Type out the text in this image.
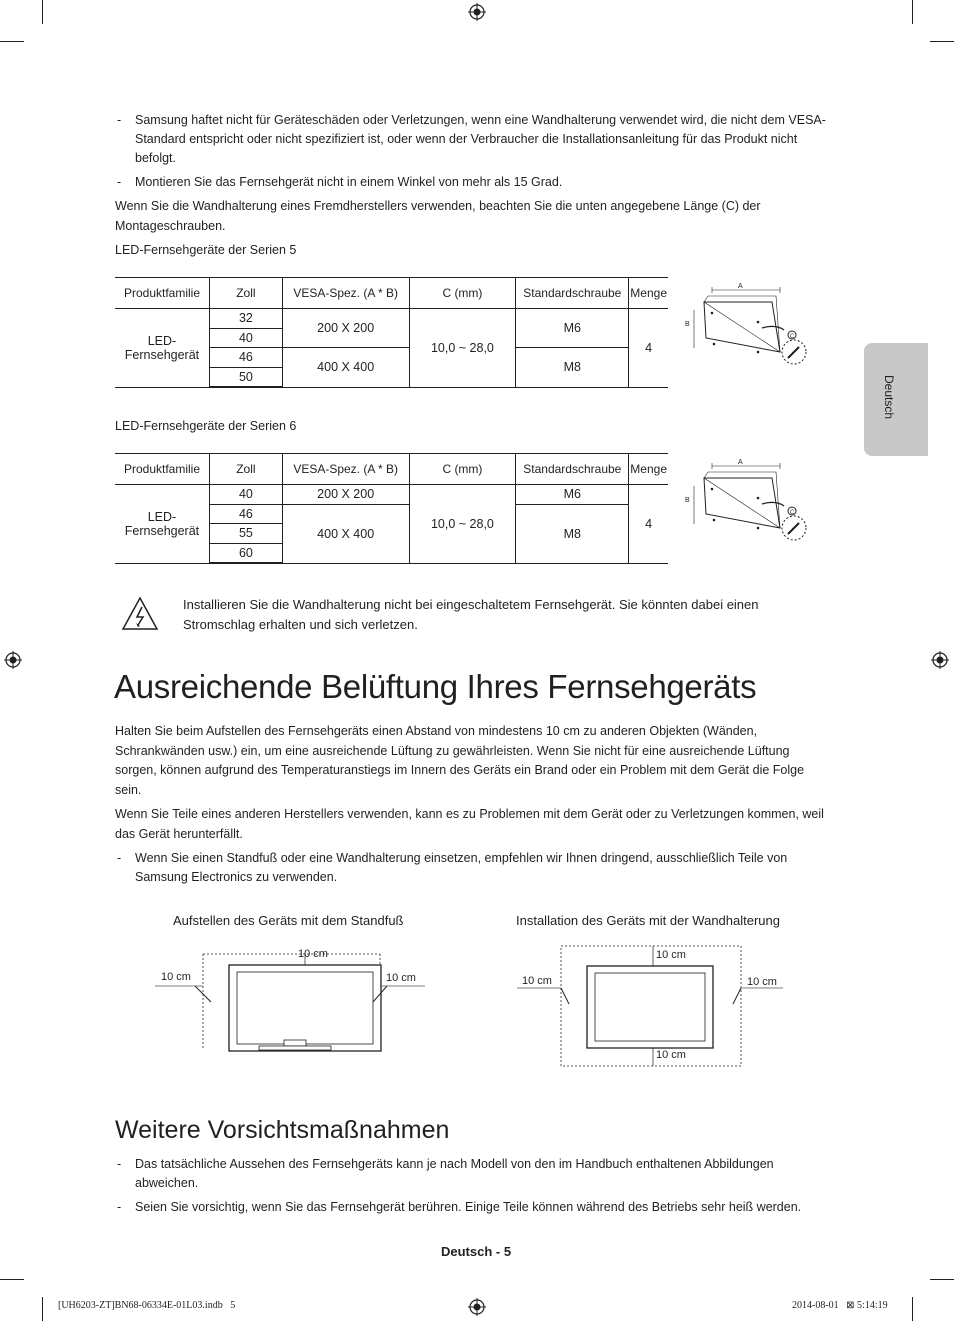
Deutsch
- Samsung haftet nicht für Geräteschäden oder Verletzungen, wenn eine Wandhalterung verwendet wird, die nicht dem VESA-Standard entspricht oder nicht spezifiziert ist, oder wenn der Verbraucher die Installationsanleitung für das Produkt nicht befolgt.
- Montieren Sie das Fernsehgerät nicht in einem Winkel von mehr als 15 Grad.
Wenn Sie die Wandhalterung eines Fremdherstellers verwenden, beachten Sie die unten angegebene Länge (C) der Montageschrauben.
LED-Fernsehgeräte der Serien 5
Produktfamilie	Zoll	VESA-Spez. (A * B)	C (mm)	Standardschraube	Menge
LED-Fernsehgerät	32	200 X 200	10,0 ~ 28,0	M6	4
	40				
	46	400 X 400		M8	
	50				
A
B
C
LED-Fernsehgeräte der Serien 6
Produktfamilie	Zoll	VESA-Spez. (A * B)	C (mm)	Standardschraube	Menge
LED-Fernsehgerät	40	200 X 200	10,0 ~ 28,0	M6	4
	46	400 X 400		M8	
	55				
	60				
A
B
C
Installieren Sie die Wandhalterung nicht bei eingeschaltetem Fernsehgerät. Sie könnten dabei einen Stromschlag erhalten und sich verletzen.
Ausreichende Belüftung Ihres Fernsehgeräts
Halten Sie beim Aufstellen des Fernsehgeräts einen Abstand von mindestens 10 cm zu anderen Objekten (Wänden, Schrankwänden usw.) ein, um eine ausreichende Lüftung zu gewährleisten. Wenn Sie nicht für eine ausreichende Lüftung sorgen, können aufgrund des Temperaturanstiegs im Innern des Geräts ein Brand oder ein Problem mit dem Gerät die Folge sein.
Wenn Sie Teile eines anderen Herstellers verwenden, kann es zu Problemen mit dem Gerät oder zu Verletzungen kommen, weil das Gerät herunterfällt.
- Wenn Sie einen Standfuß oder eine Wandhalterung einsetzen, empfehlen wir Ihnen dringend, ausschließlich Teile von Samsung Electronics zu verwenden.
Aufstellen des Geräts mit dem Standfuß	Installation des Geräts mit der Wandhalterung
10 cm
10 cm	10 cm
10 cm
10 cm
10 cm	10 cm
Weitere Vorsichtsmaßnahmen
- Das tatsächliche Aussehen des Fernsehgeräts kann je nach Modell von den im Handbuch enthaltenen Abbildungen abweichen.
- Seien Sie vorsichtig, wenn Sie das Fernsehgerät berühren. Einige Teile können während des Betriebs sehr heiß werden.
Deutsch - 5
[UH6203-ZT]BN68-06334E-01L03.indb   5	2014-08-01   ⊠ 5:14:19
